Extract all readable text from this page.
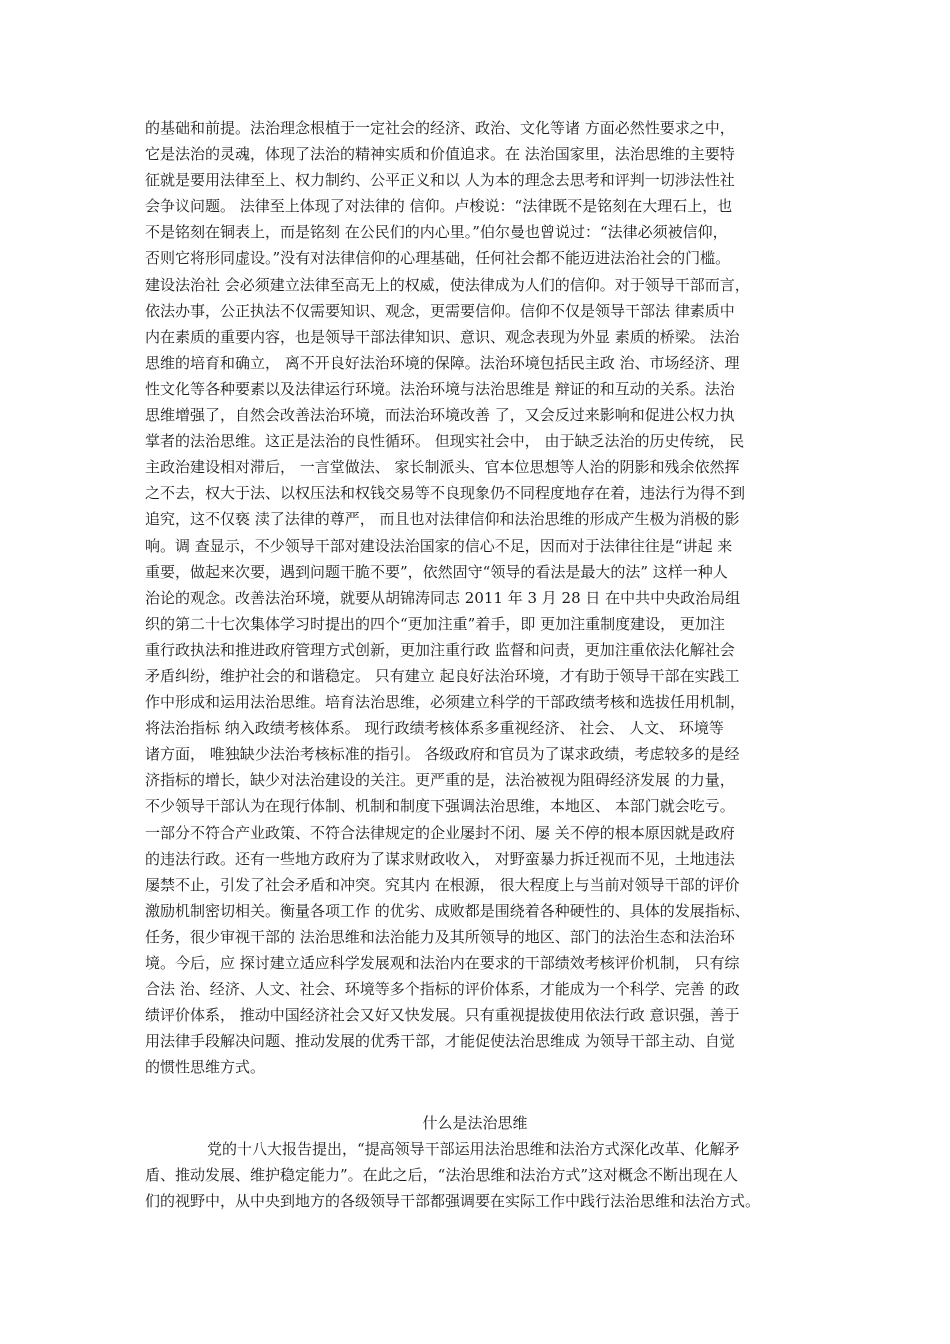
的基础和前提。法治理念根植于一定社会的经济、政治、文化等诸 方面必然性要求之中，
它是法治的灵魂，体现了法治的精神实质和价值追求。在 法治国家里，法治思维的主要特
征就是要用法律至上、权力制约、公平正义和以 人为本的理念去思考和评判一切涉法性社
会争议问题。 法律至上体现了对法律的 信仰。卢梭说：“法律既不是铭刻在大理石上，也
不是铭刻在铜表上，而是铭刻 在公民们的内心里。”伯尔曼也曾说过：“法律必须被信仰，
否则它将形同虚设。”没有对法律信仰的心理基础，任何社会都不能迈进法治社会的门槛。
建设法治社 会必须建立法律至高无上的权威，使法律成为人们的信仰。对于领导干部而言，
依法办事，公正执法不仅需要知识、观念，更需要信仰。信仰不仅是领导干部法 律素质中
内在素质的重要内容，也是领导干部法律知识、意识、观念表现为外显 素质的桥梁。 法治
思维的培育和确立， 离不开良好法治环境的保障。法治环境包括民主政 治、市场经济、理
性文化等各种要素以及法律运行环境。法治环境与法治思维是 辩证的和互动的关系。法治
思维增强了，自然会改善法治环境，而法治环境改善 了，又会反过来影响和促进公权力执
掌者的法治思维。这正是法治的良性循环。 但现实社会中， 由于缺乏法治的历史传统， 民
主政治建设相对滞后， 一言堂做法、 家长制派头、官本位思想等人治的阴影和残余依然挥
之不去，权大于法、以权压法和权钱交易等不良现象仍不同程度地存在着，违法行为得不到
追究，这不仅亵 渎了法律的尊严， 而且也对法律信仰和法治思维的形成产生极为消极的影
响。调 查显示，不少领导干部对建设法治国家的信心不足，因而对于法律往往是“讲起 来
重要，做起来次要，遇到问题干脆不要”，依然固守“领导的看法是最大的法” 这样一种人
治论的观念。改善法治环境，就要从胡锦涛同志 2011 年 3 月 28 日 在中共中央政治局组
织的第二十七次集体学习时提出的四个“更加注重”着手，即 更加注重制度建设， 更加注
重行政执法和推进政府管理方式创新，更加注重行政 监督和问责，更加注重依法化解社会
矛盾纠纷，维护社会的和谐稳定。 只有建立 起良好法治环境，才有助于领导干部在实践工
作中形成和运用法治思维。培育法治思维，必须建立科学的干部政绩考核和选拔任用机制，
将法治指标 纳入政绩考核体系。 现行政绩考核体系多重视经济、 社会、 人文、 环境等
诸方面， 唯独缺少法治考核标准的指引。 各级政府和官员为了谋求政绩，考虑较多的是经
济指标的增长，缺少对法治建设的关注。更严重的是，法治被视为阻碍经济发展 的力量，
不少领导干部认为在现行体制、机制和制度下强调法治思维，本地区、 本部门就会吃亏。
一部分不符合产业政策、不符合法律规定的企业屡封不闭、屡 关不停的根本原因就是政府
的违法行政。还有一些地方政府为了谋求财政收入， 对野蛮暴力拆迁视而不见，土地违法
屡禁不止，引发了社会矛盾和冲突。究其内 在根源， 很大程度上与当前对领导干部的评价
激励机制密切相关。衡量各项工作 的优劣、成败都是围绕着各种硬性的、具体的发展指标、
任务，很少审视干部的 法治思维和法治能力及其所领导的地区、部门的法治生态和法治环
境。今后，应 探讨建立适应科学发展观和法治内在要求的干部绩效考核评价机制， 只有综
合法 治、经济、人文、社会、环境等多个指标的评价体系，才能成为一个科学、完善 的政
绩评价体系， 推动中国经济社会又好又快发展。只有重视提拔使用依法行政 意识强，善于
用法律手段解决问题、推动发展的优秀干部，才能促使法治思维成 为领导干部主动、自觉
的惯性思维方式。
什么是法治思维
党的十八大报告提出，“提高领导干部运用法治思维和法治方式深化改革、化解矛
盾、推动发展、维护稳定能力”。在此之后，“法治思维和法治方式”这对概念不断出现在人
们的视野中，从中央到地方的各级领导干部都强调要在实际工作中践行法治思维和法治方式。
